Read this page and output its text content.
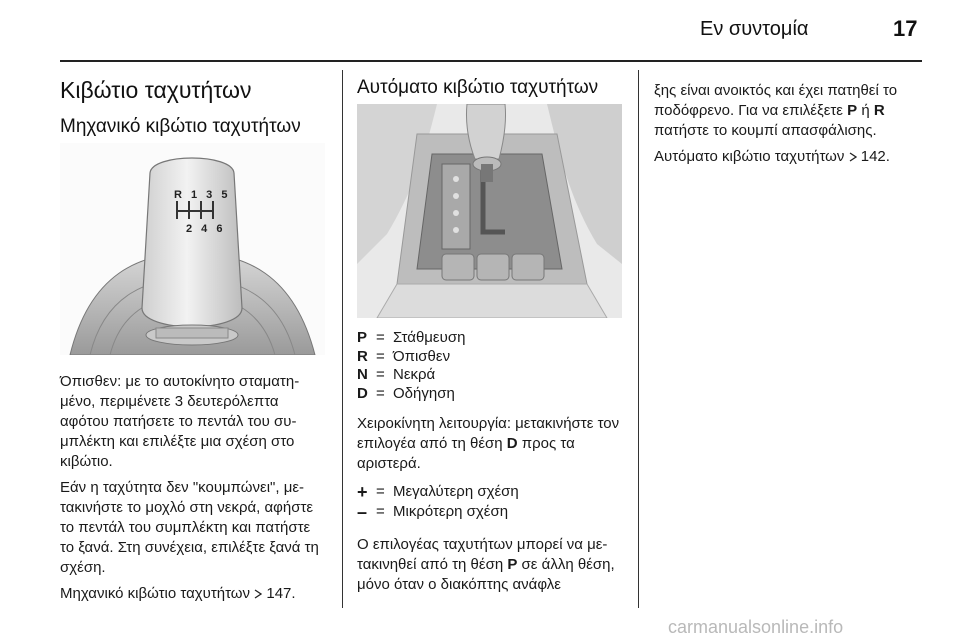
Εν συντομία	17
Κιβώτιο ταχυτήτων
Μηχανικό κιβώτιο ταχυτήτων
R 1 3 5
2 4 6

Όπισθεν: με το αυτοκίνητο σταματημένο, περιμένετε 3 δευτερόλεπτα αφότου πατήσετε το πεντάλ του συμπλέκτη και επιλέξτε μια σχέση στο κιβώτιο.

Εάν η ταχύτητα δεν "κουμπώνει", μετακινήστε το μοχλό στη νεκρά, αφήστε το πεντάλ του συμπλέκτη και πατήστε το ξανά. Στη συνέχεια, επιλέξτε ξανά τη σχέση.

Μηχανικό κιβώτιο ταχυτήτων 147.

Αυτόματο κιβώτιο ταχυτήτων
P = Στάθμευση
R = Όπισθεν
N = Νεκρά
D = Οδήγηση

Χειροκίνητη λειτουργία: μετακινήστε τον επιλογέα από τη θέση D προς τα αριστερά.

+ = Μεγαλύτερη σχέση
– = Μικρότερη σχέση

Ο επιλογέας ταχυτήτων μπορεί να μετακινηθεί από τη θέση P σε άλλη θέση, μόνο όταν ο διακόπτης ανάφλε

ξης είναι ανοικτός και έχει πατηθεί το ποδόφρενο. Για να επιλέξετε P ή R πατήστε το κουμπί απασφάλισης.

Αυτόματο κιβώτιο ταχυτήτων 142.

carmanualsonline.info
